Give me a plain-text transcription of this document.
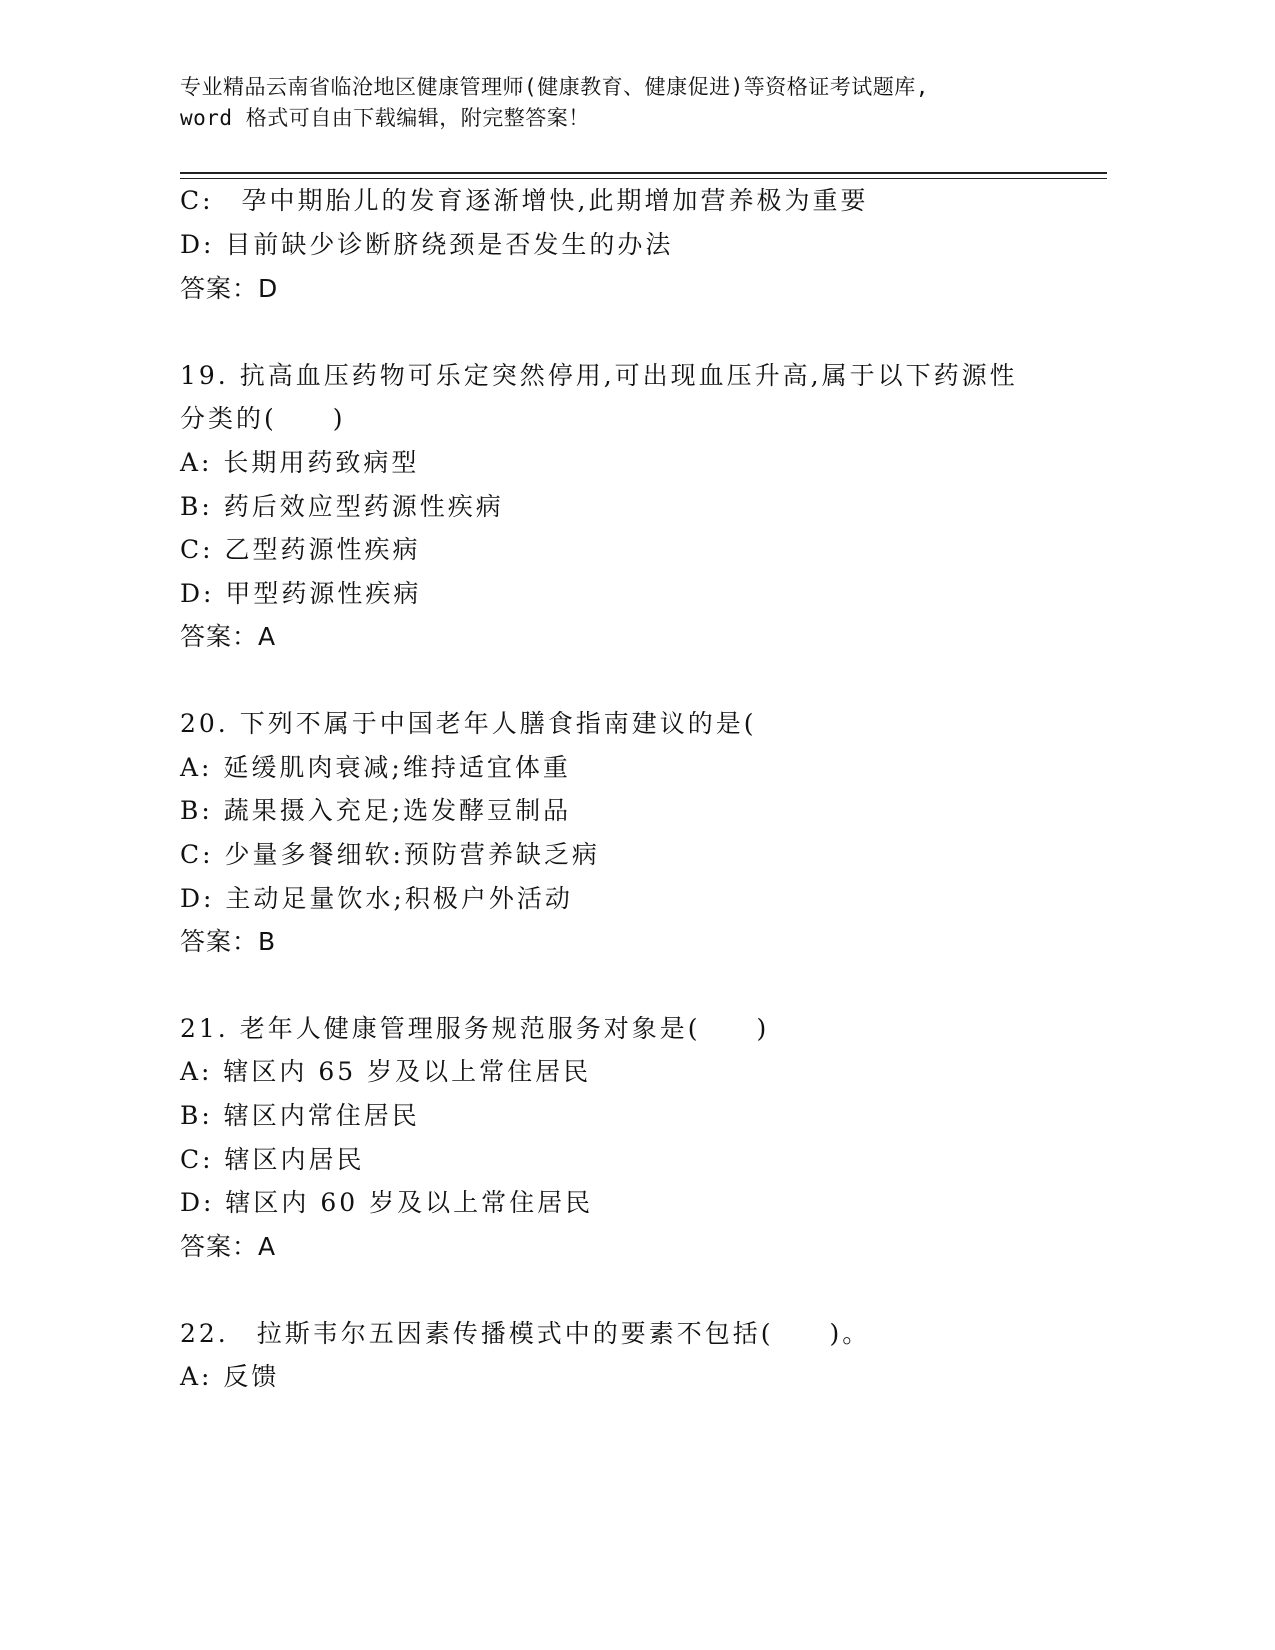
专业精品云南省临沧地区健康管理师(健康教育、健康促进)等资格证考试题库,
word 格式可自由下载编辑，附完整答案！
C:　孕中期胎儿的发育逐渐增快,此期增加营养极为重要
D: 目前缺少诊断脐绕颈是否发生的办法
答案：D
19. 抗高血压药物可乐定突然停用,可出现血压升高,属于以下药源性
分类的(　　)
A: 长期用药致病型
B: 药后效应型药源性疾病
C: 乙型药源性疾病
D: 甲型药源性疾病
答案：A
20. 下列不属于中国老年人膳食指南建议的是(
A: 延缓肌肉衰减;维持适宜体重
B: 蔬果摄入充足;选发酵豆制品
C: 少量多餐细软:预防营养缺乏病
D: 主动足量饮水;积极户外活动
答案：B
21. 老年人健康管理服务规范服务对象是(　　)
A: 辖区内 65 岁及以上常住居民
B: 辖区内常住居民
C: 辖区内居民
D: 辖区内 60 岁及以上常住居民
答案：A
22.　拉斯韦尔五因素传播模式中的要素不包括(　　)。
A: 反馈
